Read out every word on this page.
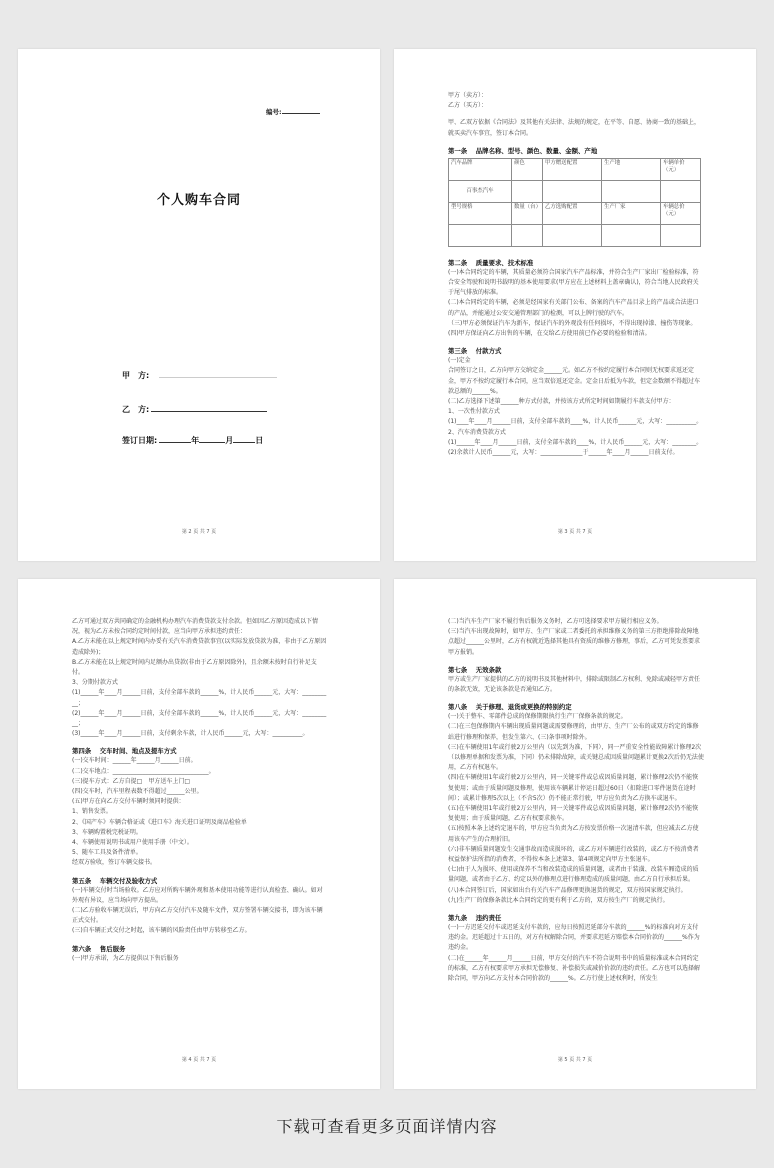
编号:
个人购车合同
甲　方:
乙　方:
签订日期:	年	月	日
第 2 页 共 7 页
甲方（卖方）：
乙方（买方）：
甲、乙双方依据《合同法》及其他有关法律、法规的规定，在平等、自愿、协商一致的基础上，就买卖汽车事宜，签订本合同。
第一条　 品牌名称、型号、颜色、数量、金额、产地
汽车品牌	颜色	甲方赠送配置	生产地	车辆单价（元）
百事杰汽车				
型号规格	数量（台）	乙方选购配置	生产厂家	车辆总价（元）

第二条　 质量要求、技术标准
(一)本合同约定的车辆，其质量必须符合国家汽车产品标准，并符合生产厂家出厂检验标准，符合安全驾驶和说明书载明的基本使用要求(甲方应在上述材料上盖章确认)，符合当地人民政府关于尾气排放的标准。
(二)本合同约定的车辆，必须是经国家有关部门公布、备案的汽车产品目录上的产品或合法进口的产品，并能通过公安交通管理部门的检测，可以上牌行驶的汽车。
（三)甲方必须保证汽车为新车，保证汽车的外观没有任何损坏，不得出现掉漆、撞伤等现象。
(四)甲方保证向乙方出售的车辆，在交给乙方使用前已作必要的检验和清洁。
第三条　 付款方式
(一)定金
合同签订之日，乙方向甲方交纳定金______元。如乙方不按约定履行本合同则无权要求返还定金，甲方不按约定履行本合同，应当双倍返还定金。定金日后抵为车款，但定金数额不得超过车款总额的______%。
(二)乙方选择下述第______种方式付款，并按该方式所定时间如期履行车款支付甲方：
1、一次性付款方式
(1)____年____月______日前，支付全部车款的____%，计人民币______元，大写：__________。
2、汽车消费贷款方式
(1)______年____月______日前，支付全部车款的____%，计人民币______元，大写：________。
(2)余款计人民币______元，大写：______________于______年____月______日前支付。
第 3 页 共 7 页
乙方可通过双方共同确定的金融机构办理汽车消费贷款支付余款。但如因乙方原因造成以下情况，视为乙方未按合同约定时间付款，应当向甲方承担违约责任：
A.乙方未能在以上规定时间内办妥有关汽车消费贷款事宜(以实际发放贷款为准，非由于乙方原因造成除外)；
B.乙方未能在以上规定时间内足额办出贷款(非由于乙方原因除外)，且余额未按时自行补足支付。
3、分期付款方式
(1)______年____月______日前，支付全部车款的______%，计人民币______元，大写：__________；
(2)______年____月______日前，支付全部车款的______%，计人民币______元，大写：__________；
(3)______年____月______日前，支付剩余车款，计人民币______元，大写：__________。
第四条　 交车时间、地点及提车方式
(一)交车时间：______年______月______日前。
(二)交车地点：________________________________。
(三)提车方式：乙方自提□　甲方送车上门□
(四)交车时，汽车里程表数不得超过______公里。
(五)甲方在向乙方交付车辆时须同时提供：
1、销售发票。
2、《国产车》车辆合格证或《进口车》海关进口证明及商品检验单
3、车辆购置税完税证明。
4、车辆使用说明书或用户使用手册（中文）。
5、随车工具及备件清单。
经双方验收，签订车辆交接书。
第五条　 车辆交付及验收方式
(一)车辆交付时当场验收。乙方应对所购车辆外观和基本使用功能等进行认真检查、确认。如对外观有异议，应当场向甲方提出。
(二)乙方验收车辆无误后，甲方向乙方交付汽车及随车文件，双方签署车辆交接书，即为该车辆正式交付。
(三)自车辆正式交付之时起，该车辆的风险责任由甲方转移至乙方。
第六条　 售后服务
(一)甲方承诺，为乙方提供以下售后服务
第 4 页 共 7 页
(二)当汽车生产厂家不履行售后服务义务时，乙方可选择要求甲方履行相应义务。
(三)当汽车出现故障时，如甲方、生产厂家或二者委托的承担维修义务的第三方拒绝排除故障地点超过______公里时，乙方有权就近选择其他具有资质的维修方修理，事后，乙方可凭发票要求甲方报销。
第七条　 无效条款
甲方或生产厂家提供的乙方的说明书及其他材料中，排除或限制乙方权利、免除或减轻甲方责任的条款无效，无论该条款是否通知乙方。
第八条　 关于修理、退货或更换的特别约定
(一)关于整车、零部件总成的保修期限执行生产厂保修条款的规定。
(二)在三包保修期内车辆出现质量问题或需要修理的，由甲方、生产厂公布的或双方约定的维修站进行修理和保养，但发生第六、(三)条事项时除外。
(三)在车辆使用1年或行驶2万公里内（以先到为准，下同），同一严重安全性能故障累计修理2次（以修理单据和发票为准，下同）仍未排除故障，或关键总成因质量问题累计更换2次后仍无法使用，乙方有权退车。
(四)在车辆使用1年或行驶2万公里内，同一关键零件或总成因质量问题，累计修理2次仍不能恢复使用；或由于质量问题及修理，使用该车辆累计停运日超过60日（扣除进口零件退货在途时间）；或累计修理5次以上（不含5次）仍不能正常行驶，甲方应负责为乙方换车或退车。
(五)在车辆使用1年或行驶2万公里内，同一关键零件或总成因质量问题，累计修理2次仍不能恢复使用；由于质量问题，乙方有权要求换车。
(五)按照本条上述约定退车的，甲方应当负责为乙方按发票价格一次退清车款，但应减去乙方使用该车产生的合理折旧。
(六)非车辆质量问题发生交通事故而造成损坏的，或乙方对车辆进行改装的，或乙方不按消费者权益保护法所指的消费者，不得按本条上述第3、第4项规定向甲方主张退车。
(七)由于人为损坏、使用或保养不当和改装造成的质量问题，或者由于装潢、改装车厢造成的质量问题，或者由于乙方、约定以外的修理点进行修理造成的质量问题，由乙方自行承担后果。
(八)本合同签订后，国家如出台有关汽车产品修理更换退货的规定，双方按国家规定执行。
(九)生产厂的保修条款比本合同约定的更有利于乙方的，双方按生产厂的规定执行。
第九条　 违约责任
(一)一方迟延交付车或迟延支付车款的，应每日按照迟延部分车款的______%的标准向对方支付违约金。迟延超过十五日的，对方有权解除合同，并要求迟延方赔偿本合同价款的______%作为违约金。
(二)在______年______月______日前，甲方交付的汽车不符合说明书中的质量标准或本合同约定的标准，乙方有权要求甲方承担无偿修复、补偿损失或减价价款的违约责任。乙方也可以选择解除合同，甲方向乙方支付本合同价款的______%。乙方行使上述权利时，所发生
第 5 页 共 7 页
下载可查看更多页面详情内容
